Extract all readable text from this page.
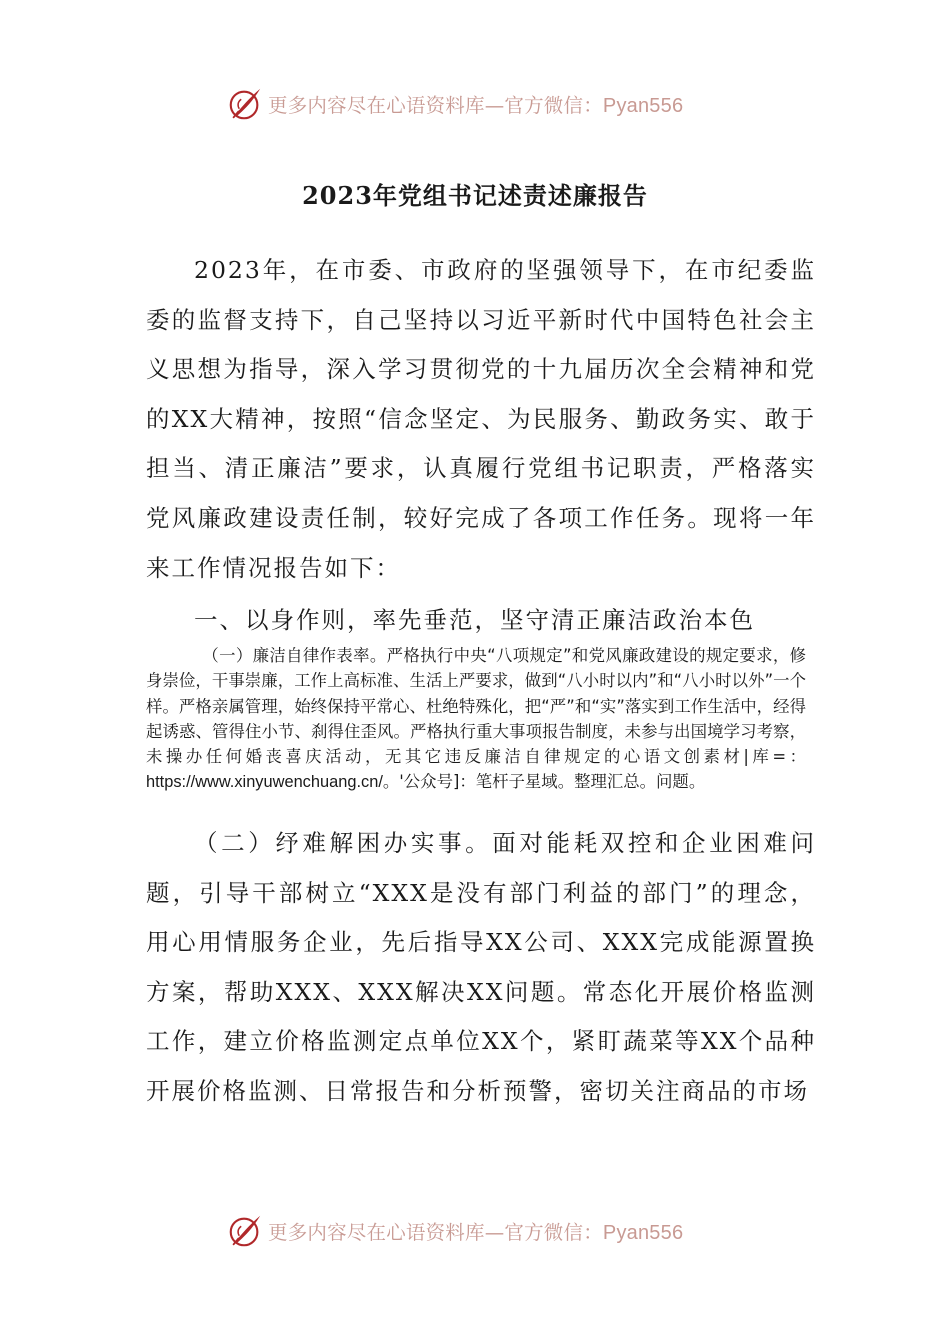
更多内容尽在心语资料库—官方微信：Pyan556
2023年党组书记述责述廉报告

2023年，在市委、市政府的坚强领导下，在市纪委监委的监督支持下，自己坚持以习近平新时代中国特色社会主义思想为指导，深入学习贯彻党的十九届历次全会精神和党的XX大精神，按照“信念坚定、为民服务、勤政务实、敢于担当、清正廉洁”要求，认真履行党组书记职责，严格落实党风廉政建设责任制，较好完成了各项工作任务。现将一年来工作情况报告如下：

一、以身作则，率先垂范，坚守清正廉洁政治本色

（一）廉洁自律作表率。严格执行中央“八项规定”和党风廉政建设的规定要求，修身崇俭，干事崇廉，工作上高标准、生活上严要求，做到“八小时以内”和“八小时以外”一个样。严格亲属管理，始终保持平常心、杜绝特殊化，把“严”和“实”落实到工作生活中，经得起诱惑、管得住小节、刹得住歪风。严格执行重大事项报告制度，未参与出国境学习考察，未操办任何婚丧喜庆活动，无其它违反廉洁自律规定的心语文创素材|库=：https://www.xinyuwenchuang.cn/。'公众号]：笔杆子星域。整理汇总。问题。

（二）纾难解困办实事。面对能耗双控和企业困难问题，引导干部树立“XXX是没有部门利益的部门”的理念，用心用情服务企业，先后指导XX公司、XXX完成能源置换方案，帮助XXX、XXX解决XX问题。常态化开展价格监测工作，建立价格监测定点单位XX个，紧盯蔬菜等XX个品种开展价格监测、日常报告和分析预警，密切关注商品的市场

更多内容尽在心语资料库—官方微信：Pyan556
